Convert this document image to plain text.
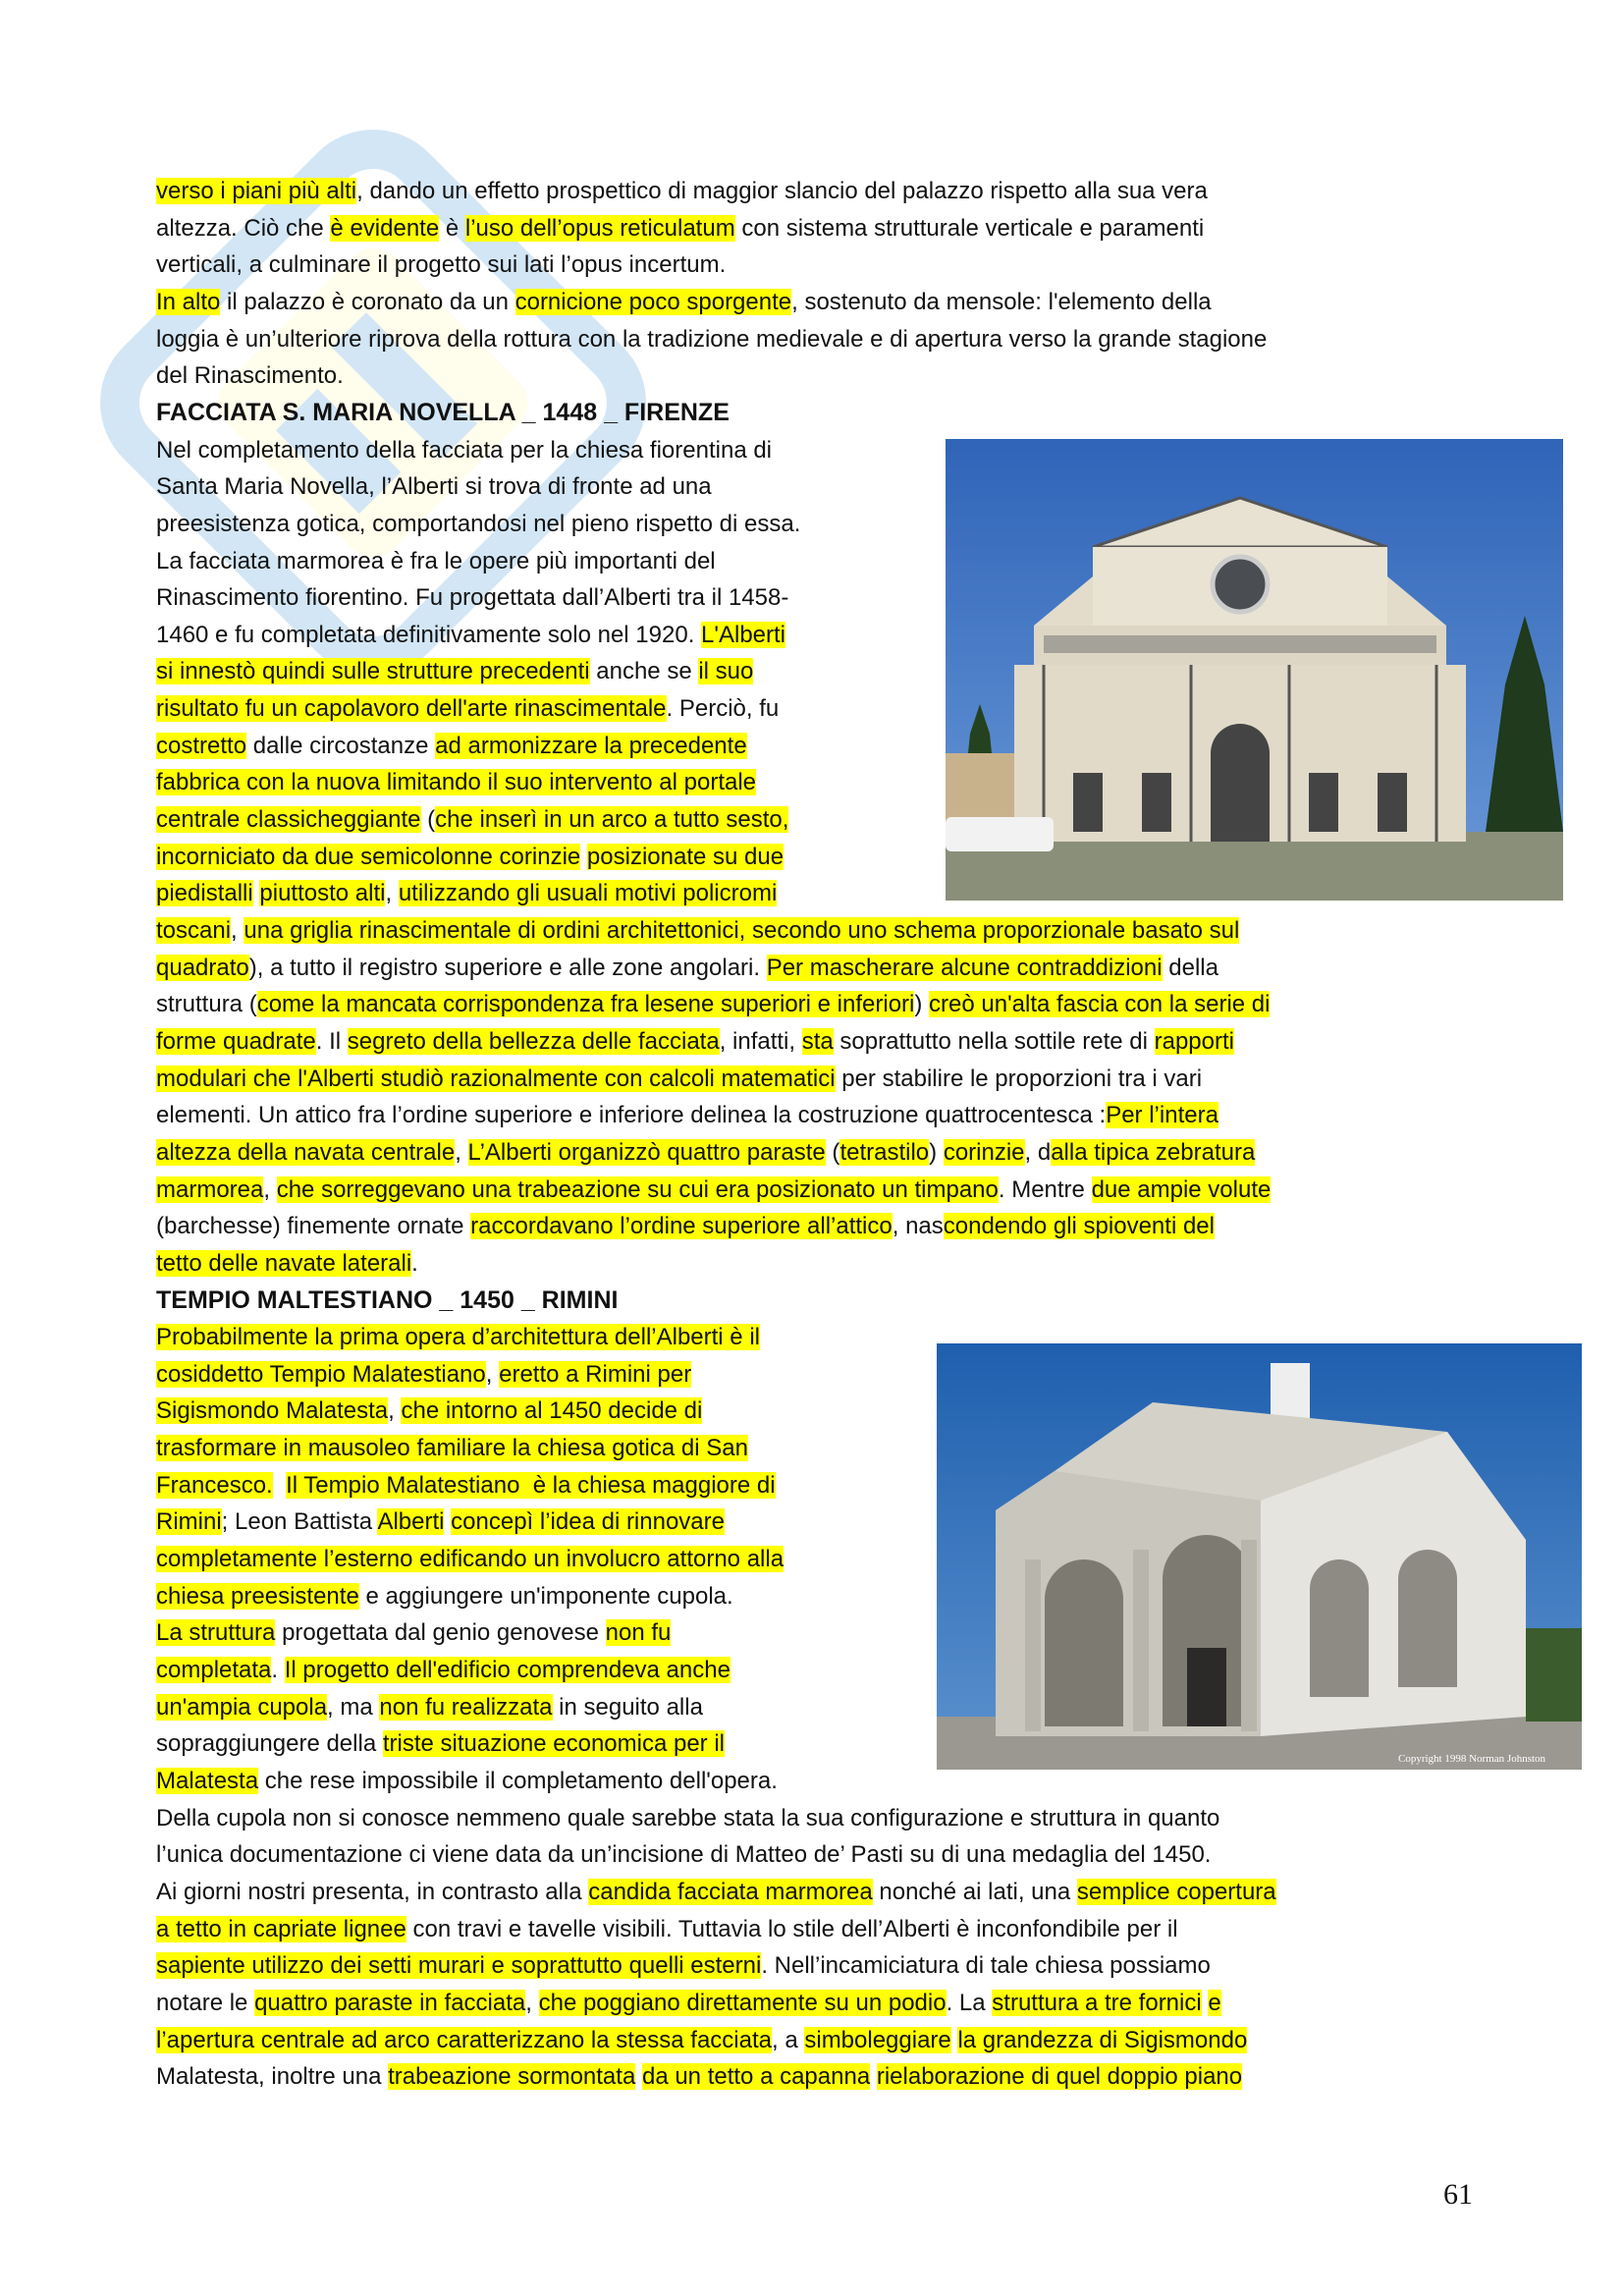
verso i piani più alti, dando un effetto prospettico di maggior slancio del palazzo rispetto alla sua vera
altezza. Ciò che è evidente è l’uso dell’opus reticulatum con sistema strutturale verticale e paramenti
verticali, a culminare il progetto sui lati l’opus incertum.
In alto il palazzo è coronato da un cornicione poco sporgente, sostenuto da mensole: l'elemento della
loggia è un’ulteriore riprova della rottura con la tradizione medievale e di apertura verso la grande stagione
del Rinascimento.
FACCIATA S. MARIA NOVELLA _ 1448 _ FIRENZE
Nel completamento della facciata per la chiesa fiorentina di
Santa Maria Novella, l’Alberti si trova di fronte ad una
preesistenza gotica, comportandosi nel pieno rispetto di essa.
La facciata marmorea è fra le opere più importanti del
Rinascimento fiorentino. Fu progettata dall’Alberti tra il 1458-
1460 e fu completata definitivamente solo nel 1920. L'Alberti
si innestò quindi sulle strutture precedenti anche se il suo
risultato fu un capolavoro dell'arte rinascimentale. Perciò, fu
costretto dalle circostanze ad armonizzare la precedente
fabbrica con la nuova limitando il suo intervento al portale
centrale classicheggiante (che inserì in un arco a tutto sesto,
incorniciato da due semicolonne corinzie posizionate su due
piedistalli piuttosto alti, utilizzando gli usuali motivi policromi
toscani, una griglia rinascimentale di ordini architettonici, secondo uno schema proporzionale basato sul
quadrato), a tutto il registro superiore e alle zone angolari. Per mascherare alcune contraddizioni della
struttura (come la mancata corrispondenza fra lesene superiori e inferiori) creò un'alta fascia con la serie di
forme quadrate. Il segreto della bellezza delle facciata, infatti, sta soprattutto nella sottile rete di rapporti
modulari che l'Alberti studiò razionalmente con calcoli matematici per stabilire le proporzioni tra i vari
elementi. Un attico fra l’ordine superiore e inferiore delinea la costruzione quattrocentesca :Per l’intera
altezza della navata centrale, L’Alberti organizzò quattro paraste (tetrastilo) corinzie, dalla tipica zebratura
marmorea, che sorreggevano una trabeazione su cui era posizionato un timpano. Mentre due ampie volute
(barchesse) finemente ornate raccordavano l’ordine superiore all’attico, nascondendo gli spioventi del
tetto delle navate laterali.
TEMPIO MALTESTIANO _ 1450 _ RIMINI
Probabilmente la prima opera d’architettura dell’Alberti è il
cosiddetto Tempio Malatestiano, eretto a Rimini per
Sigismondo Malatesta, che intorno al 1450 decide di
trasformare in mausoleo familiare la chiesa gotica di San
Francesco. Il Tempio Malatestiano  è la chiesa maggiore di
Rimini; Leon Battista Alberti concepì l’idea di rinnovare
completamente l’esterno edificando un involucro attorno alla
chiesa preesistente e aggiungere un'imponente cupola.
La struttura progettata dal genio genovese non fu
completata. Il progetto dell'edificio comprendeva anche
un'ampia cupola, ma non fu realizzata in seguito alla
sopraggiungere della triste situazione economica per il
Malatesta che rese impossibile il completamento dell'opera.
Della cupola non si conosce nemmeno quale sarebbe stata la sua configurazione e struttura in quanto
l’unica documentazione ci viene data da un’incisione di Matteo de’ Pasti su di una medaglia del 1450.
Ai giorni nostri presenta, in contrasto alla candida facciata marmorea nonché ai lati, una semplice copertura
a tetto in capriate lignee con travi e tavelle visibili. Tuttavia lo stile dell’Alberti è inconfondibile per il
sapiente utilizzo dei setti murari e soprattutto quelli esterni. Nell’incamiciatura di tale chiesa possiamo
notare le quattro paraste in facciata, che poggiano direttamente su un podio. La struttura a tre fornici e
l’apertura centrale ad arco caratterizzano la stessa facciata, a simboleggiare la grandezza di Sigismondo
Malatesta, inoltre una trabeazione sormontata da un tetto a capanna rielaborazione di quel doppio piano
Copyright 1998 Norman Johnston
61
